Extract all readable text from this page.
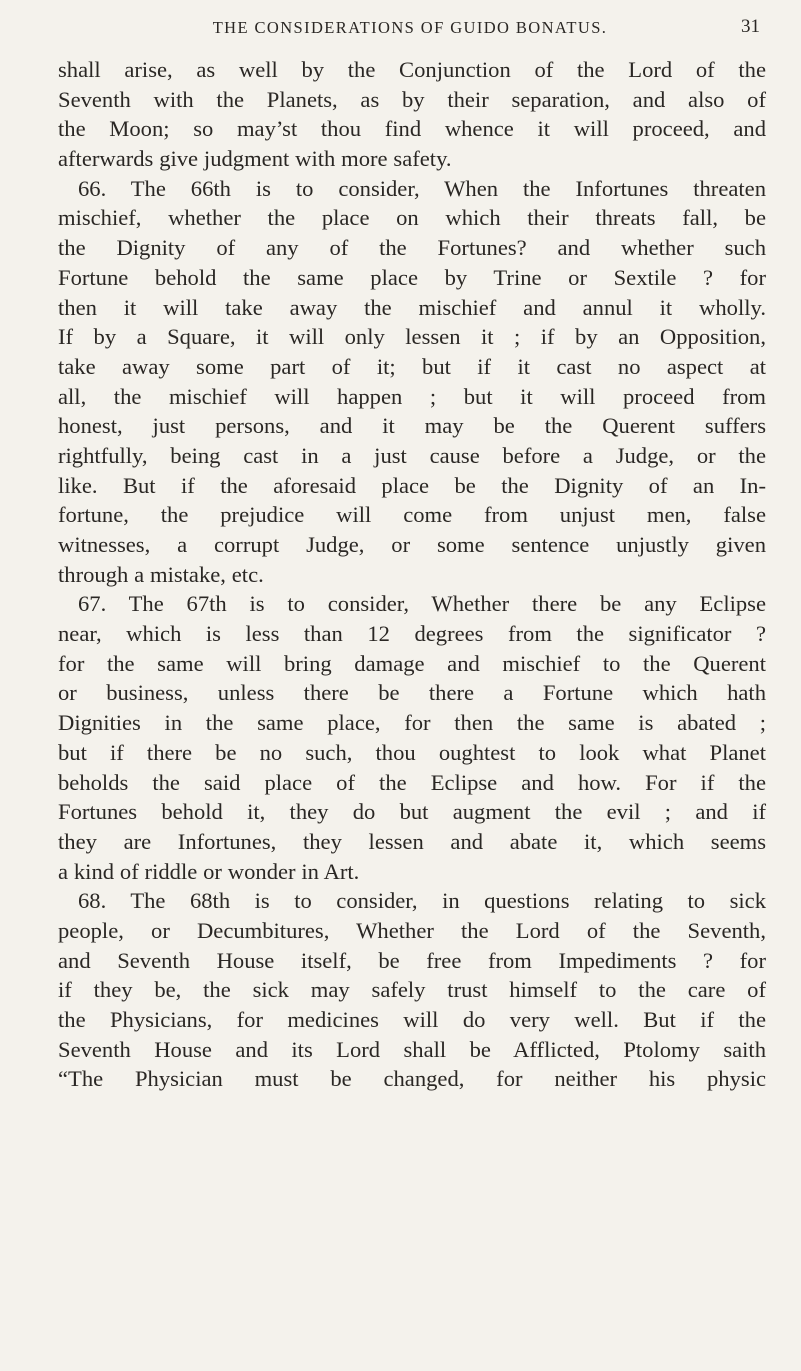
THE CONSIDERATIONS OF GUIDO BONATUS.	31
shall arise, as well by the Conjunction of the Lord of the
Seventh with the Planets, as by their separation, and also of
the Moon; so may’st thou find whence it will proceed, and
afterwards give judgment with more safety.
66. The 66th is to consider, When the Infortunes threaten
mischief, whether the place on which their threats fall, be
the Dignity of any of the Fortunes? and whether such
Fortune behold the same place by Trine or Sextile ? for
then it will take away the mischief and annul it wholly.
If by a Square, it will only lessen it ; if by an Opposition,
take away some part of it; but if it cast no aspect at
all, the mischief will happen ; but it will proceed from
honest, just persons, and it may be the Querent suffers
rightfully, being cast in a just cause before a Judge, or the
like. But if the aforesaid place be the Dignity of an In-
fortune, the prejudice will come from unjust men, false
witnesses, a corrupt Judge, or some sentence unjustly given
through a mistake, etc.
67. The 67th is to consider, Whether there be any Eclipse
near, which is less than 12 degrees from the significator ?
for the same will bring damage and mischief to the Querent
or business, unless there be there a Fortune which hath
Dignities in the same place, for then the same is abated ;
but if there be no such, thou oughtest to look what Planet
beholds the said place of the Eclipse and how. For if the
Fortunes behold it, they do but augment the evil ; and if
they are Infortunes, they lessen and abate it, which seems
a kind of riddle or wonder in Art.
68. The 68th is to consider, in questions relating to sick
people, or Decumbitures, Whether the Lord of the Seventh,
and Seventh House itself, be free from Impediments ? for
if they be, the sick may safely trust himself to the care of
the Physicians, for medicines will do very well. But if the
Seventh House and its Lord shall be Afflicted, Ptolomy saith
“The Physician must be changed, for neither his physic
